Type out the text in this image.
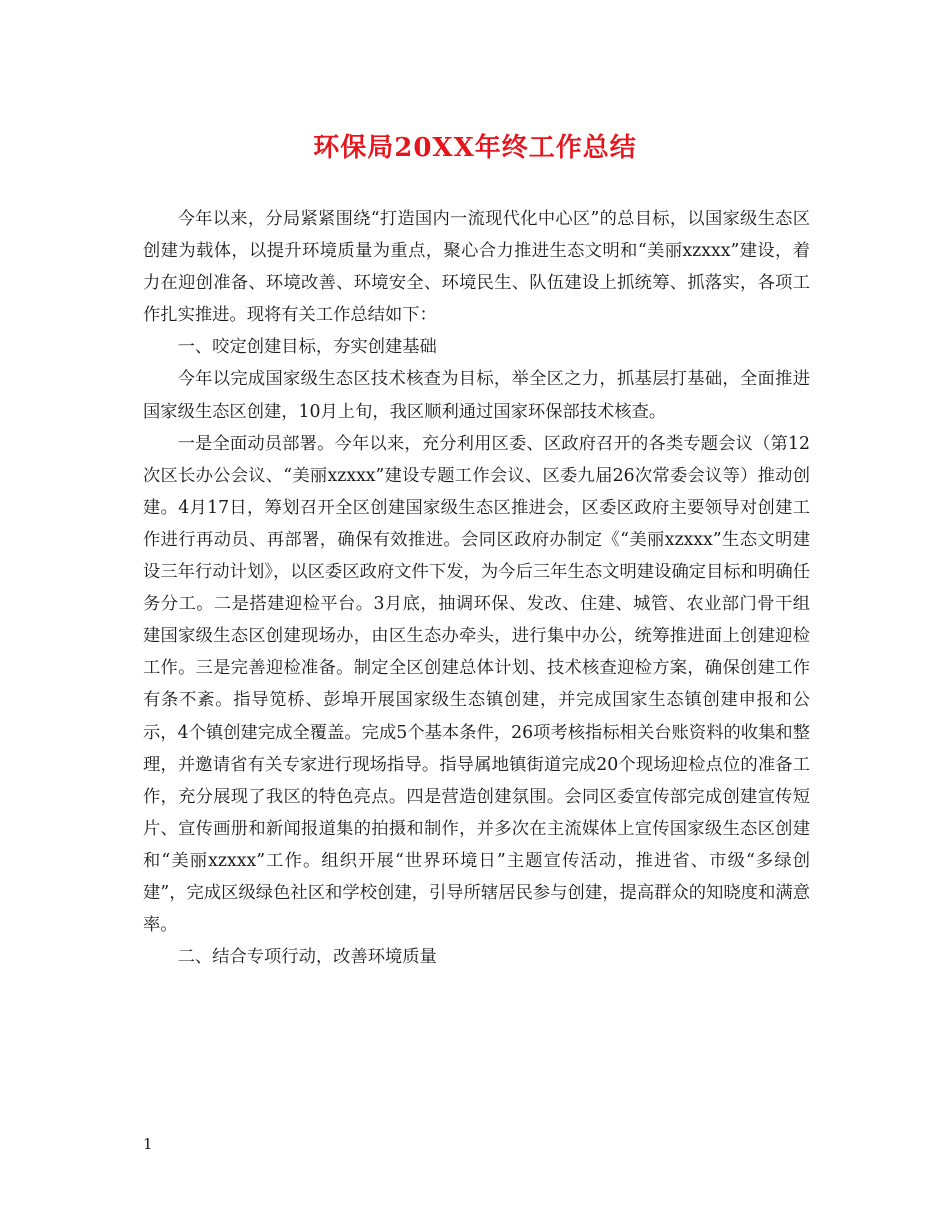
环保局20XX年终工作总结

今年以来，分局紧紧围绕“打造国内一流现代化中心区”的总目标，以国家级生态区创建为载体，以提升环境质量为重点，聚心合力推进生态文明和“美丽xzxxx”建设，着力在迎创准备、环境改善、环境安全、环境民生、队伍建设上抓统筹、抓落实，各项工作扎实推进。现将有关工作总结如下：

一、咬定创建目标，夯实创建基础

今年以完成国家级生态区技术核查为目标，举全区之力，抓基层打基础，全面推进国家级生态区创建，10月上旬，我区顺利通过国家环保部技术核查。

一是全面动员部署。今年以来，充分利用区委、区政府召开的各类专题会议（第12次区长办公会议、“美丽xzxxx”建设专题工作会议、区委九届26次常委会议等）推动创建。4月17日，筹划召开全区创建国家级生态区推进会，区委区政府主要领导对创建工作进行再动员、再部署，确保有效推进。会同区政府办制定《“美丽xzxxx”生态文明建设三年行动计划》，以区委区政府文件下发，为今后三年生态文明建设确定目标和明确任务分工。二是搭建迎检平台。3月底，抽调环保、发改、住建、城管、农业部门骨干组建国家级生态区创建现场办，由区生态办牵头，进行集中办公，统筹推进面上创建迎检工作。三是完善迎检准备。制定全区创建总体计划、技术核查迎检方案，确保创建工作有条不紊。指导笕桥、彭埠开展国家级生态镇创建，并完成国家生态镇创建申报和公示，4个镇创建完成全覆盖。完成5个基本条件，26项考核指标相关台账资料的收集和整理，并邀请省有关专家进行现场指导。指导属地镇街道完成20个现场迎检点位的准备工作，充分展现了我区的特色亮点。四是营造创建氛围。会同区委宣传部完成创建宣传短片、宣传画册和新闻报道集的拍摄和制作，并多次在主流媒体上宣传国家级生态区创建和“美丽xzxxx”工作。组织开展“世界环境日”主题宣传活动，推进省、市级“多绿创建”，完成区级绿色社区和学校创建，引导所辖居民参与创建，提高群众的知晓度和满意率。

二、结合专项行动，改善环境质量

1
